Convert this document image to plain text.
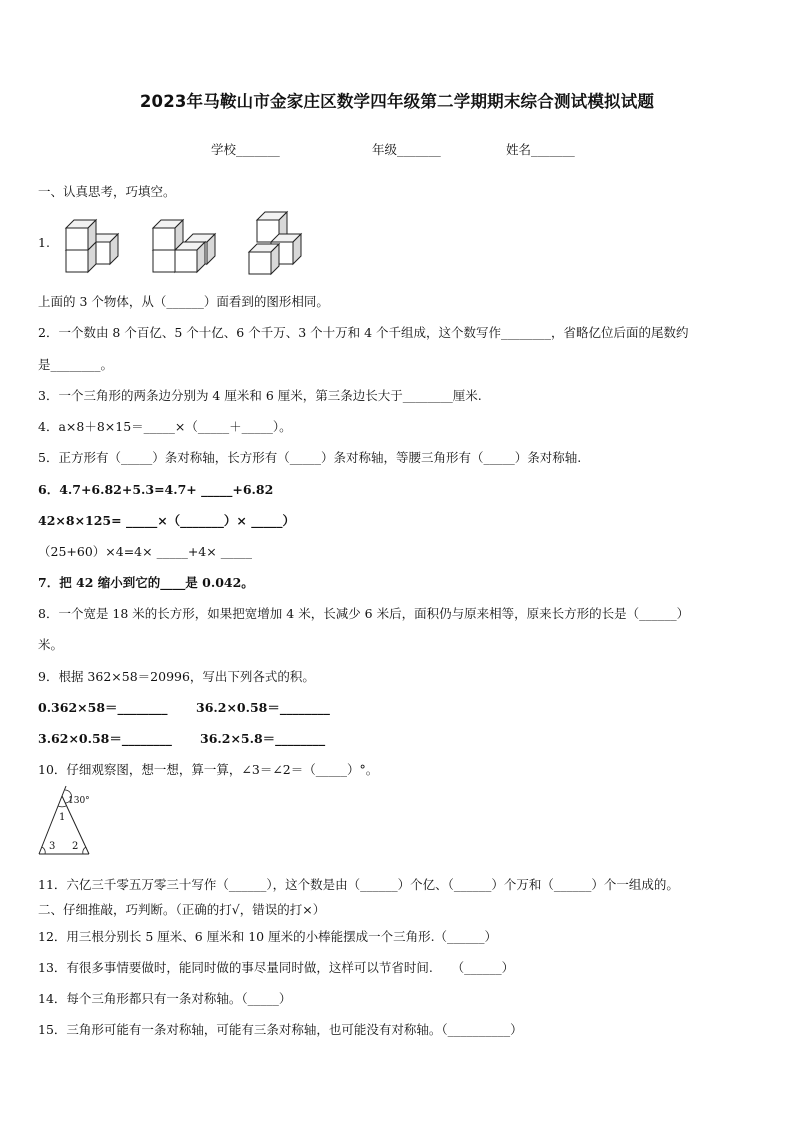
2023年马鞍山市金家庄区数学四年级第二学期期末综合测试模拟试题
学校_______	年级_______	姓名_______
一、认真思考，巧填空。
1.
上面的 3 个物体，从（______）面看到的图形相同。
2．一个数由 8 个百亿、5 个十亿、6 个千万、3 个十万和 4 个千组成，这个数写作________，省略亿位后面的尾数约
是________。
3．一个三角形的两条边分别为 4 厘米和 6 厘米，第三条边长大于________厘米.
4．a×8＋8×15＝_____×（_____＋_____）。
5．正方形有（_____）条对称轴，长方形有（_____）条对称轴，等腰三角形有（_____）条对称轴.
6．4.7+6.82+5.3=4.7+ _____+6.82
42×8×125= _____×（_______）× _____）
（25+60）×4=4× _____+4× _____
7．把 42 缩小到它的____是 0.042。
8．一个宽是 18 米的长方形，如果把宽增加 4 米，长减少 6 米后，面积仍与原来相等，原来长方形的长是（______）
米。
9．根据 362×58＝20996，写出下列各式的积。
0.362×58＝________ 36.2×0.58＝________
3.62×0.58＝________ 36.2×5.8＝________
10．仔细观察图，想一想，算一算，∠3＝∠2＝（_____）°。
130°
1
2
3
11．六亿三千零五万零三十写作（______），这个数是由（______）个亿、（______）个万和（______）个一组成的。
二、仔细推敲，巧判断。（正确的打√，错误的打×）
12．用三根分别长 5 厘米、6 厘米和 10 厘米的小棒能摆成一个三角形.（______）
13．有很多事情要做时，能同时做的事尽量同时做，这样可以节省时间.　　（______）
14．每个三角形都只有一条对称轴。（_____）
15．三角形可能有一条对称轴，可能有三条对称轴，也可能没有对称轴。（__________）
